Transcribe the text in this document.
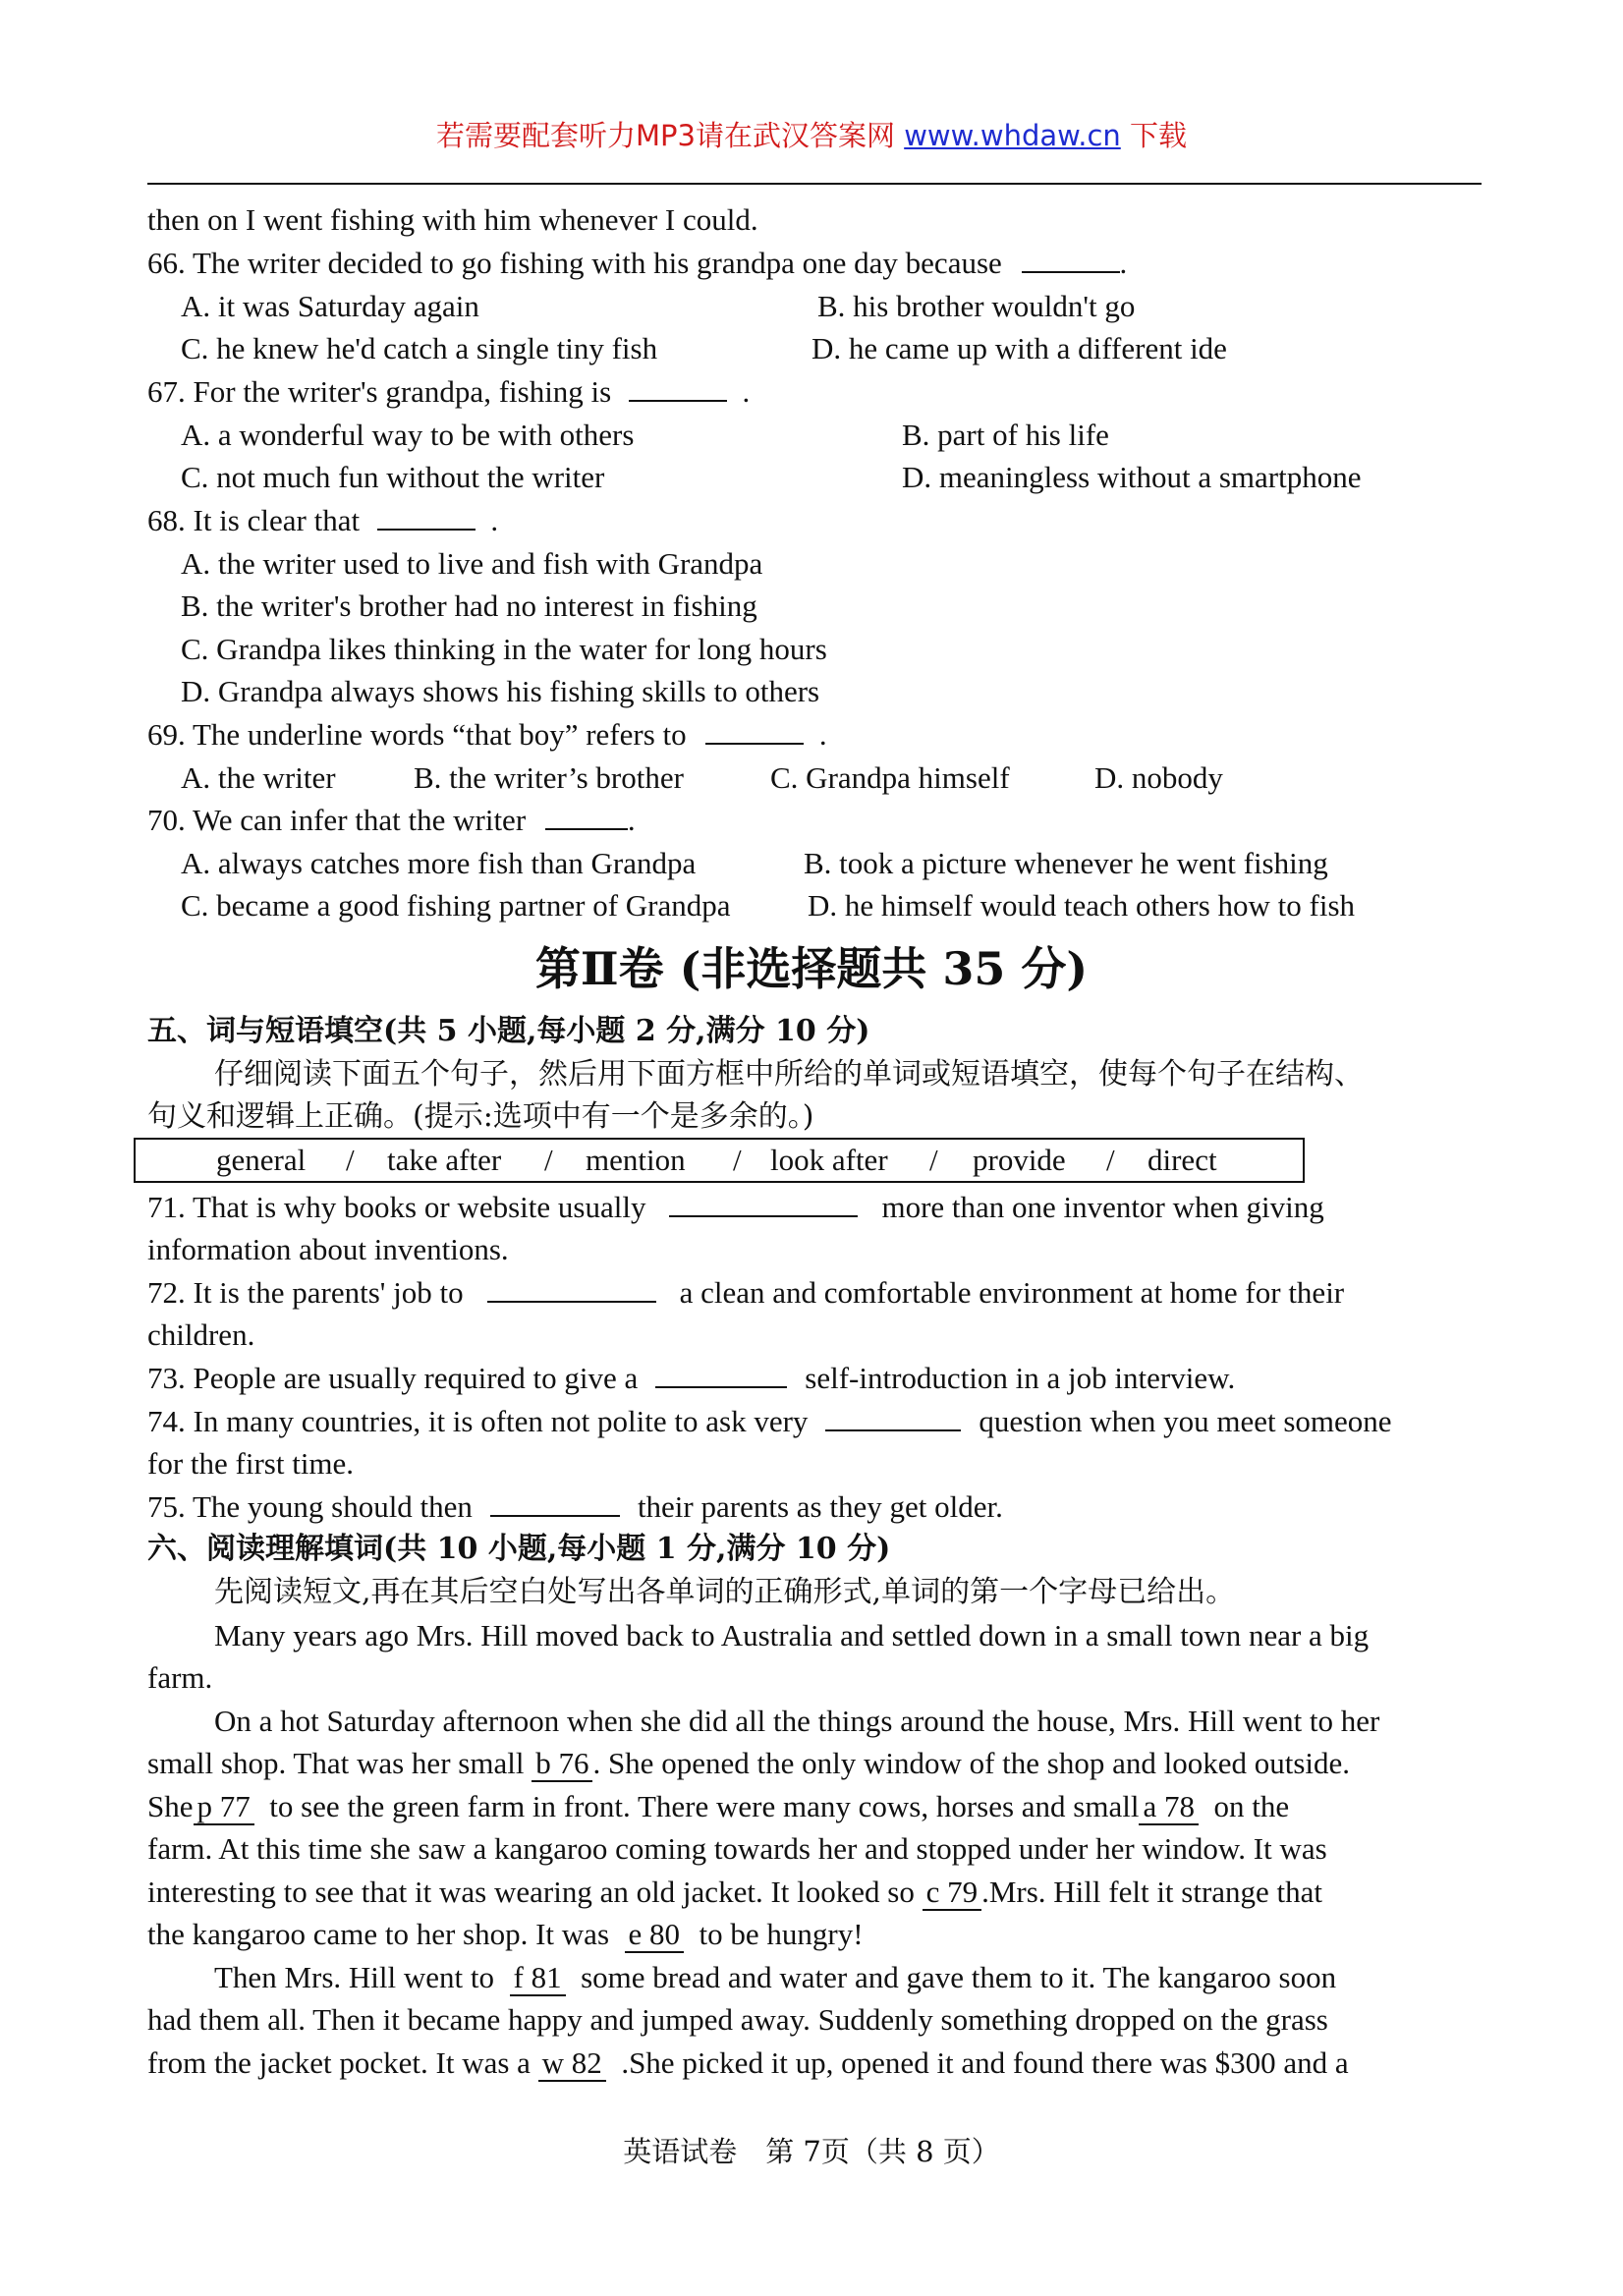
若需要配套听力MP3请在武汉答案网 www.whdaw.cn 下载
then on I went fishing with him whenever I could.
66. The writer decided to go fishing with his grandpa one day because	.
A. it was Saturday again	B. his brother wouldn't go
C. he knew he'd catch a single tiny fish	D. he came up with a different ide
67. For the writer's grandpa, fishing is	.
A. a wonderful way to be with others	B. part of his life
C. not much fun without the writer	D. meaningless without a smartphone
68. It is clear that	.
A. the writer used to live and fish with Grandpa
B. the writer's brother had no interest in fishing
C. Grandpa likes thinking in the water for long hours
D. Grandpa always shows his fishing skills to others
69. The underline words “that boy” refers to	.
A. the writer	B. the writer’s brother	C. Grandpa himself	D. nobody
70. We can infer that the writer	.
A. always catches more fish than Grandpa	B. took a picture whenever he went fishing
C. became a good fishing partner of Grandpa	D. he himself would teach others how to fish
第Ⅱ卷 (非选择题共 35 分)
五、词与短语填空(共 5 小题,每小题 2 分,满分 10 分)
仔细阅读下面五个句子，然后用下面方框中所给的单词或短语填空，使每个句子在结构、
句义和逻辑上正确。(提示:选项中有一个是多余的。)
general / take after / mention / look after / provide / direct
71. That is why books or website usually	more than one inventor when giving
information about inventions.
72. It is the parents' job to	a clean and comfortable environment at home for their
children.
73. People are usually required to give a	self-introduction in a job interview.
74. In many countries, it is often not polite to ask very	question when you meet someone
for the first time.
75. The young should then	their parents as they get older.
六、阅读理解填词(共 10 小题,每小题 1 分,满分 10 分)
先阅读短文,再在其后空白处写出各单词的正确形式,单词的第一个字母已给出。
Many years ago Mrs. Hill moved back to Australia and settled down in a small town near a big
farm.
On a hot Saturday afternoon when she did all the things around the house, Mrs. Hill went to her
small shop. That was her small b 76 . She opened the only window of the shop and looked outside.
She p 77 to see the green farm in front. There were many cows, horses and small a 78 on the
farm. At this time she saw a kangaroo coming towards her and stopped under her window. It was
interesting to see that it was wearing an old jacket. It looked so c 79 .Mrs. Hill felt it strange that
the kangaroo came to her shop. It was e 80 to be hungry!
Then Mrs. Hill went to f 81 some bread and water and gave them to it. The kangaroo soon
had them all. Then it became happy and jumped away. Suddenly something dropped on the grass
from the jacket pocket. It was a w 82 .She picked it up, opened it and found there was $300 and a
英语试卷　第 7页（共 8 页）
